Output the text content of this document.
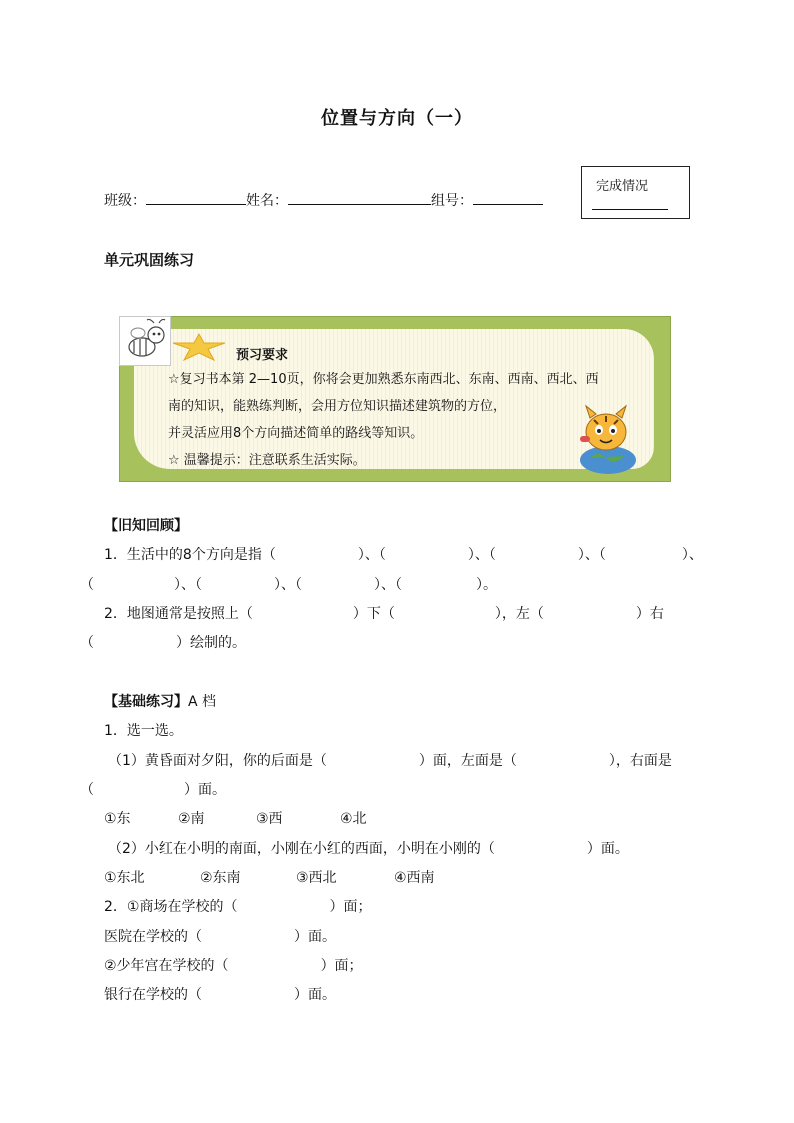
位置与方向（一）
班级：	姓名：	组号：
完成情况
单元巩固练习
预习要求
☆复习书本第 2—10页，你将会更加熟悉东南西北、东南、西南、西北、西
南的知识，能熟练判断，会用方位知识描述建筑物的方位，
并灵活应用8个方向描述简单的路线等知识。
☆ 温馨提示：注意联系生活实际。
【旧知回顾】
1．生活中的8个方向是指（	）、（	）、（	）、（	）、
（	）、（	）、（	）、（	）。
2．地图通常是按照上（	）下（	），左（	）右
（	）绘制的。
【基础练习】A 档
1．选一选。
（1）黄昏面对夕阳，你的后面是（	）面，左面是（	），右面是
（	）面。
①东	②南	③西	④北
（2）小红在小明的南面，小刚在小红的西面，小明在小刚的（	）面。
①东北	②东南	③西北	④西南
2．①商场在学校的（	）面；
医院在学校的（	）面。
②少年宫在学校的（	）面；
银行在学校的（	）面。
